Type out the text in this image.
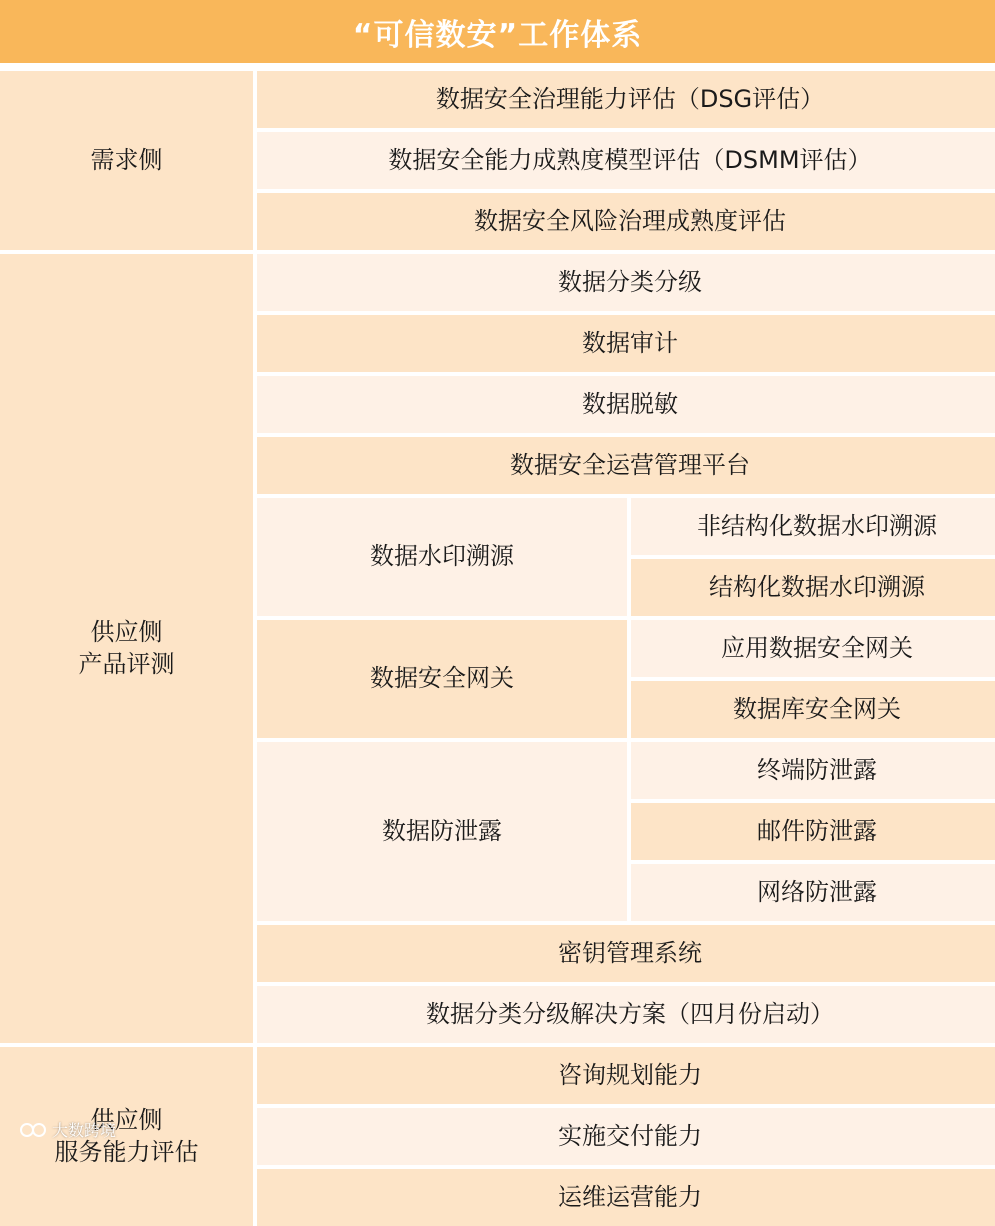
“可信数安”工作体系
需求侧
供应侧
产品评测
供应侧
服务能力评估
数据安全治理能力评估（DSG评估）
数据安全能力成熟度模型评估（DSMM评估）
数据安全风险治理成熟度评估
数据分类分级
数据审计
数据脱敏
数据安全运营管理平台
数据水印溯源
非结构化数据水印溯源
结构化数据水印溯源
数据安全网关
应用数据安全网关
数据库安全网关
数据防泄露
终端防泄露
邮件防泄露
网络防泄露
密钥管理系统
数据分类分级解决方案（四月份启动）
咨询规划能力
实施交付能力
运维运营能力
大数跨境
